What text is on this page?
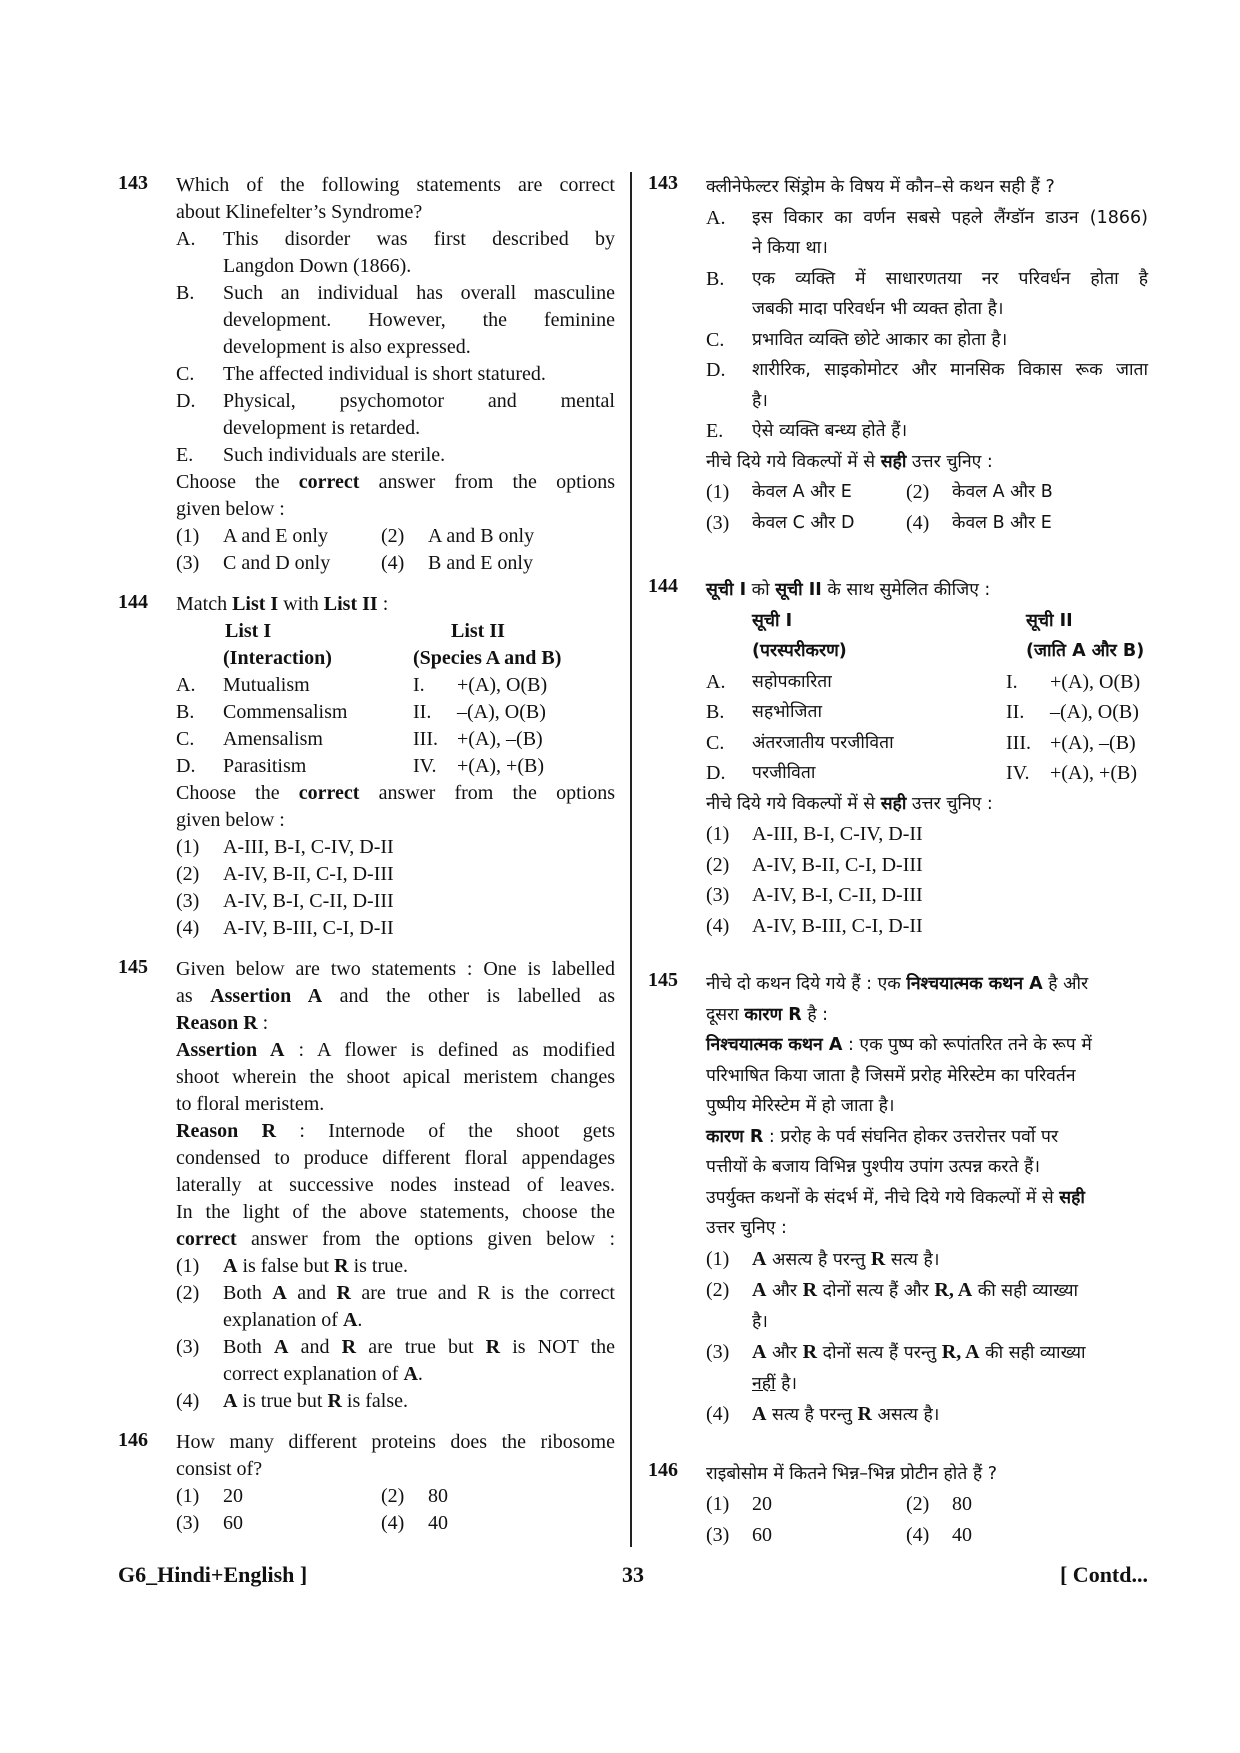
143 Which of the following statements are correct
about Klinefelter’s Syndrome?
A.	This disorder was first described by
Langdon Down (1866).
B.	Such an individual has overall masculine
development. However, the feminine
development is also expressed.
C.	The affected individual is short statured.
D.	Physical, psychomotor and mental
development is retarded.
E.	Such individuals are sterile.
Choose the correct answer from the options
given below :
(1)	A and E only	(2)	A and B only
(3)	C and D only	(4)	B and E only
144 Match List I with List II :
List I	List II
(Interaction)	(Species A and B)
A.	Mutualism	I.	+(A), O(B)
B.	Commensalism	II.	–(A), O(B)
C.	Amensalism	III. +(A), –(B)
D.	Parasitism	IV.	+(A), +(B)
Choose the correct answer from the options
given below :
(1)	A-III, B-I, C-IV, D-II
(2)	A-IV, B-II, C-I, D-III
(3)	A-IV, B-I, C-II, D-III
(4)	A-IV, B-III, C-I, D-II
145 Given below are two statements : One is labelled
as Assertion A and the other is labelled as
Reason R :
Assertion A : A flower is defined as modified
shoot wherein the shoot apical meristem changes
to floral meristem.
Reason R : Internode of the shoot gets
condensed to produce different floral appendages
laterally at successive nodes instead of leaves.
In the light of the above statements, choose the
correct answer from the options given below :
(1)	A is false but R is true.
(2)	Both A and R are true and R is the correct
explanation of A.
(3)	Both A and R are true but R is NOT the
correct explanation of A.
(4)	A is true but R is false.
146 How many different proteins does the ribosome
consist of?
(1)	20	(2)	80
(3)	60	(4)	40
143 क्लीनेफेल्टर सिंड्रोम के विषय में कौन–से कथन सही हैं ?
A.	इस विकार का वर्णन सबसे पहले लैंग्डॉन डाउन (1866)
ने किया था।
B.	एक व्यक्ति में साधारणतया नर परिवर्धन होता है
जबकी मादा परिवर्धन भी व्यक्त होता है।
C.	प्रभावित व्यक्ति छोटे आकार का होता है।
D.	शारीरिक, साइकोमोटर और मानसिक विकास रूक जाता
है।
E.	ऐसे व्यक्ति बन्ध्य होते हैं।
नीचे दिये गये विकल्पों में से सही उत्तर चुनिए :
(1)	केवल A और E	(2)	केवल A और B
(3)	केवल C और D	(4)	केवल B और E
144 सूची I को सूची II के साथ सुमेलित कीजिए :
सूची I	सूची II
(परस्परीकरण)	(जाति A और B)
A.	सहोपकारिता	I.	+(A), O(B)
B.	सहभोजिता	II.	–(A), O(B)
C.	अंतरजातीय परजीविता	III. +(A), –(B)
D.	परजीविता	IV.	+(A), +(B)
नीचे दिये गये विकल्पों में से सही उत्तर चुनिए :
(1)	A-III, B-I, C-IV, D-II
(2)	A-IV, B-II, C-I, D-III
(3)	A-IV, B-I, C-II, D-III
(4)	A-IV, B-III, C-I, D-II
145 नीचे दो कथन दिये गये हैं : एक निश्चयात्मक कथन A है और
दूसरा कारण R है :
निश्चयात्मक कथन A : एक पुष्प को रूपांतरित तने के रूप में
परिभाषित किया जाता है जिसमें प्ररोह मेरिस्टेम का परिवर्तन
पुष्पीय मेरिस्टेम में हो जाता है।
कारण R : प्ररोह के पर्व संघनित होकर उत्तरोत्तर पर्वो पर
पत्तीयों के बजाय विभिन्न पुश्पीय उपांग उत्पन्न करते हैं।
उपर्युक्त कथनों के संदर्भ में, नीचे दिये गये विकल्पों में से सही
उत्तर चुनिए :
(1)	A असत्य है परन्तु R सत्य है।
(2)	A और R दोनों सत्य हैं और R, A की सही व्याख्या
है।
(3)	A और R दोनों सत्य हैं परन्तु R, A की सही व्याख्या
नहीं है।
(4)	A सत्य है परन्तु R असत्य है।
146 राइबोसोम में कितने भिन्न–भिन्न प्रोटीन होते हैं ?
(1)	20	(2)	80
(3)	60	(4)	40
G6_Hindi+English ]	33	[ Contd...
